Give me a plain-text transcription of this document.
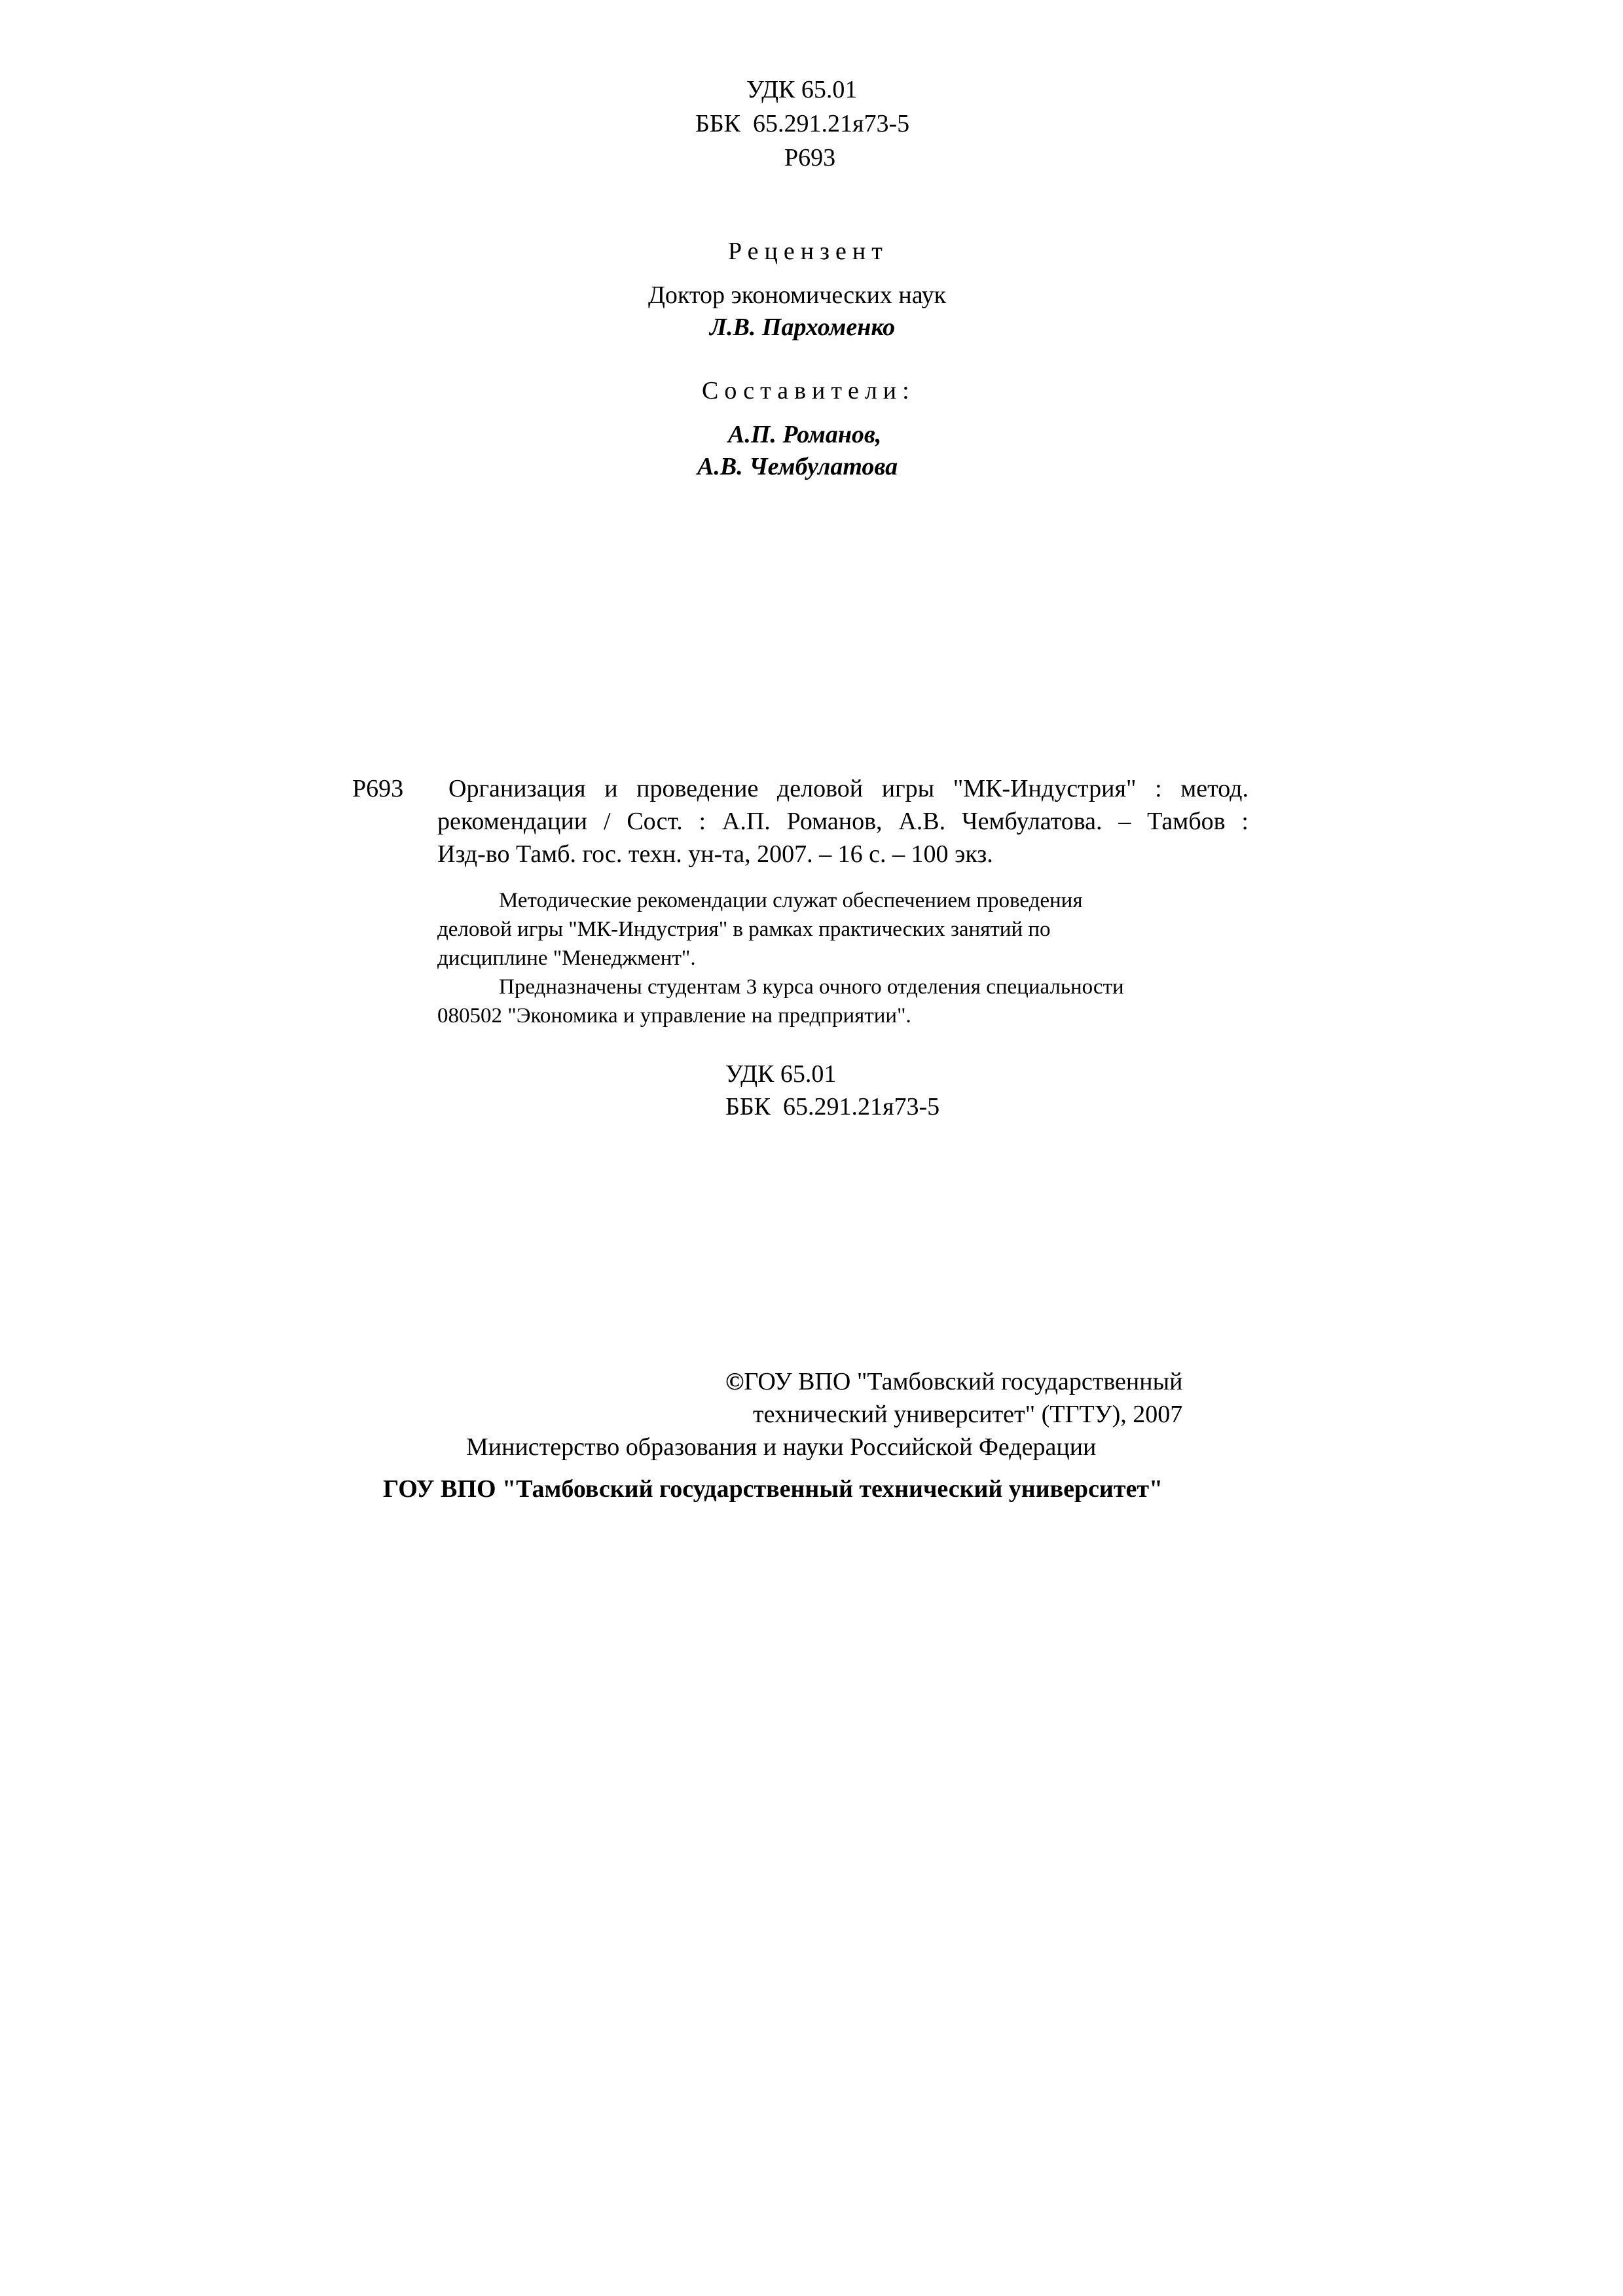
УДК 65.01
ББК  65.291.21я73-5
Р693
Рецензент
Доктор экономических наук
Л.В. Пархоменко
Составители:
А.П. Романов,
А.В. Чембулатова
Р693 Организация и проведение деловой игры "МК-Индустрия" : метод.
рекомендации / Сост. : А.П. Романов, А.В. Чембулатова. – Тамбов :
Изд-во Тамб. гос. техн. ун-та, 2007. – 16 с. – 100 экз.
Методические рекомендации служат обеспечением проведения
деловой игры "МК-Индустрия" в рамках практических занятий по
дисциплине "Менеджмент".
Предназначены студентам 3 курса очного отделения специальности
080502 "Экономика и управление на предприятии".
УДК 65.01
ББК  65.291.21я73-5
©ГОУ ВПО "Тамбовский государственный
технический университет" (ТГТУ), 2007
Министерство образования и науки Российской Федерации
ГОУ ВПО "Тамбовский государственный технический университет"
